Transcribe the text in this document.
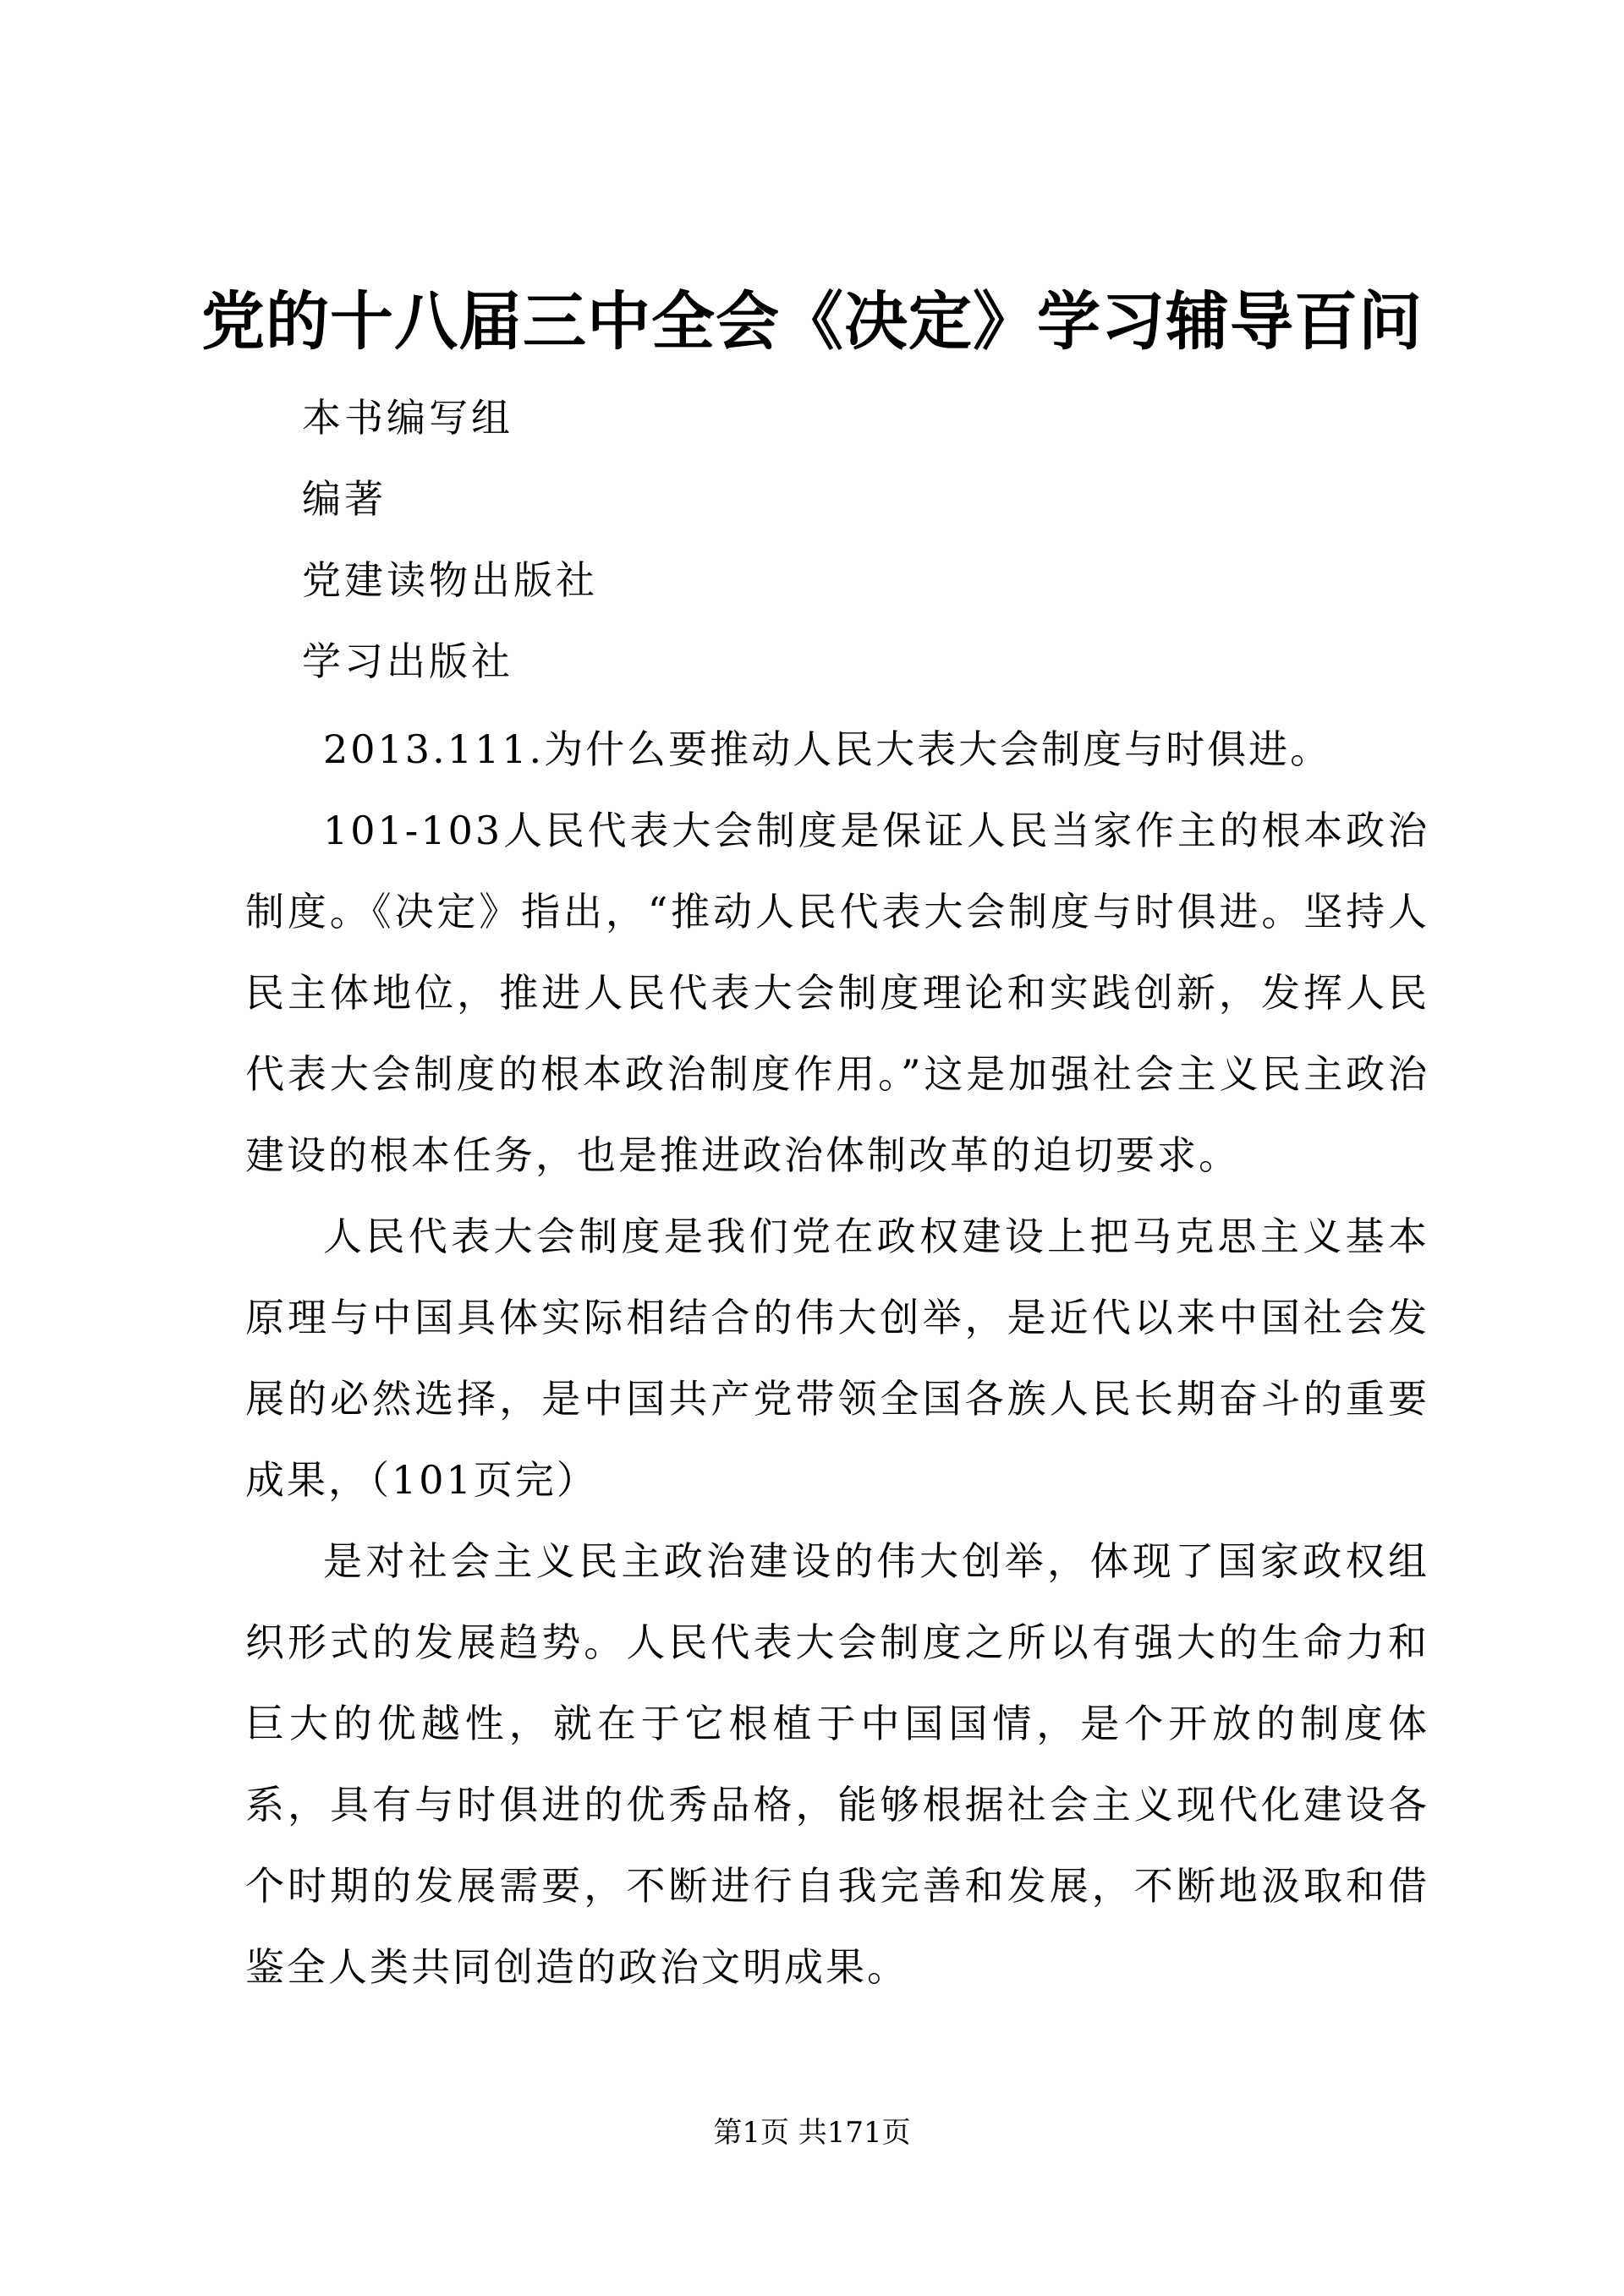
党的十八届三中全会《决定》学习辅导百问
本书编写组
编著
党建读物出版社
学习出版社

2013.111.为什么要推动人民大表大会制度与时俱进。

101-103人民代表大会制度是保证人民当家作主的根本政治制度。《决定》指出，“推动人民代表大会制度与时俱进。坚持人民主体地位，推进人民代表大会制度理论和实践创新，发挥人民代表大会制度的根本政治制度作用。”这是加强社会主义民主政治建设的根本任务，也是推进政治体制改革的迫切要求。

人民代表大会制度是我们党在政权建设上把马克思主义基本原理与中国具体实际相结合的伟大创举，是近代以来中国社会发展的必然选择，是中国共产党带领全国各族人民长期奋斗的重要成果，（101页完）

是对社会主义民主政治建设的伟大创举，体现了国家政权组织形式的发展趋势。人民代表大会制度之所以有强大的生命力和巨大的优越性，就在于它根植于中国国情，是个开放的制度体系，具有与时俱进的优秀品格，能够根据社会主义现代化建设各个时期的发展需要，不断进行自我完善和发展，不断地汲取和借鉴全人类共同创造的政治文明成果。

第1页 共171页
